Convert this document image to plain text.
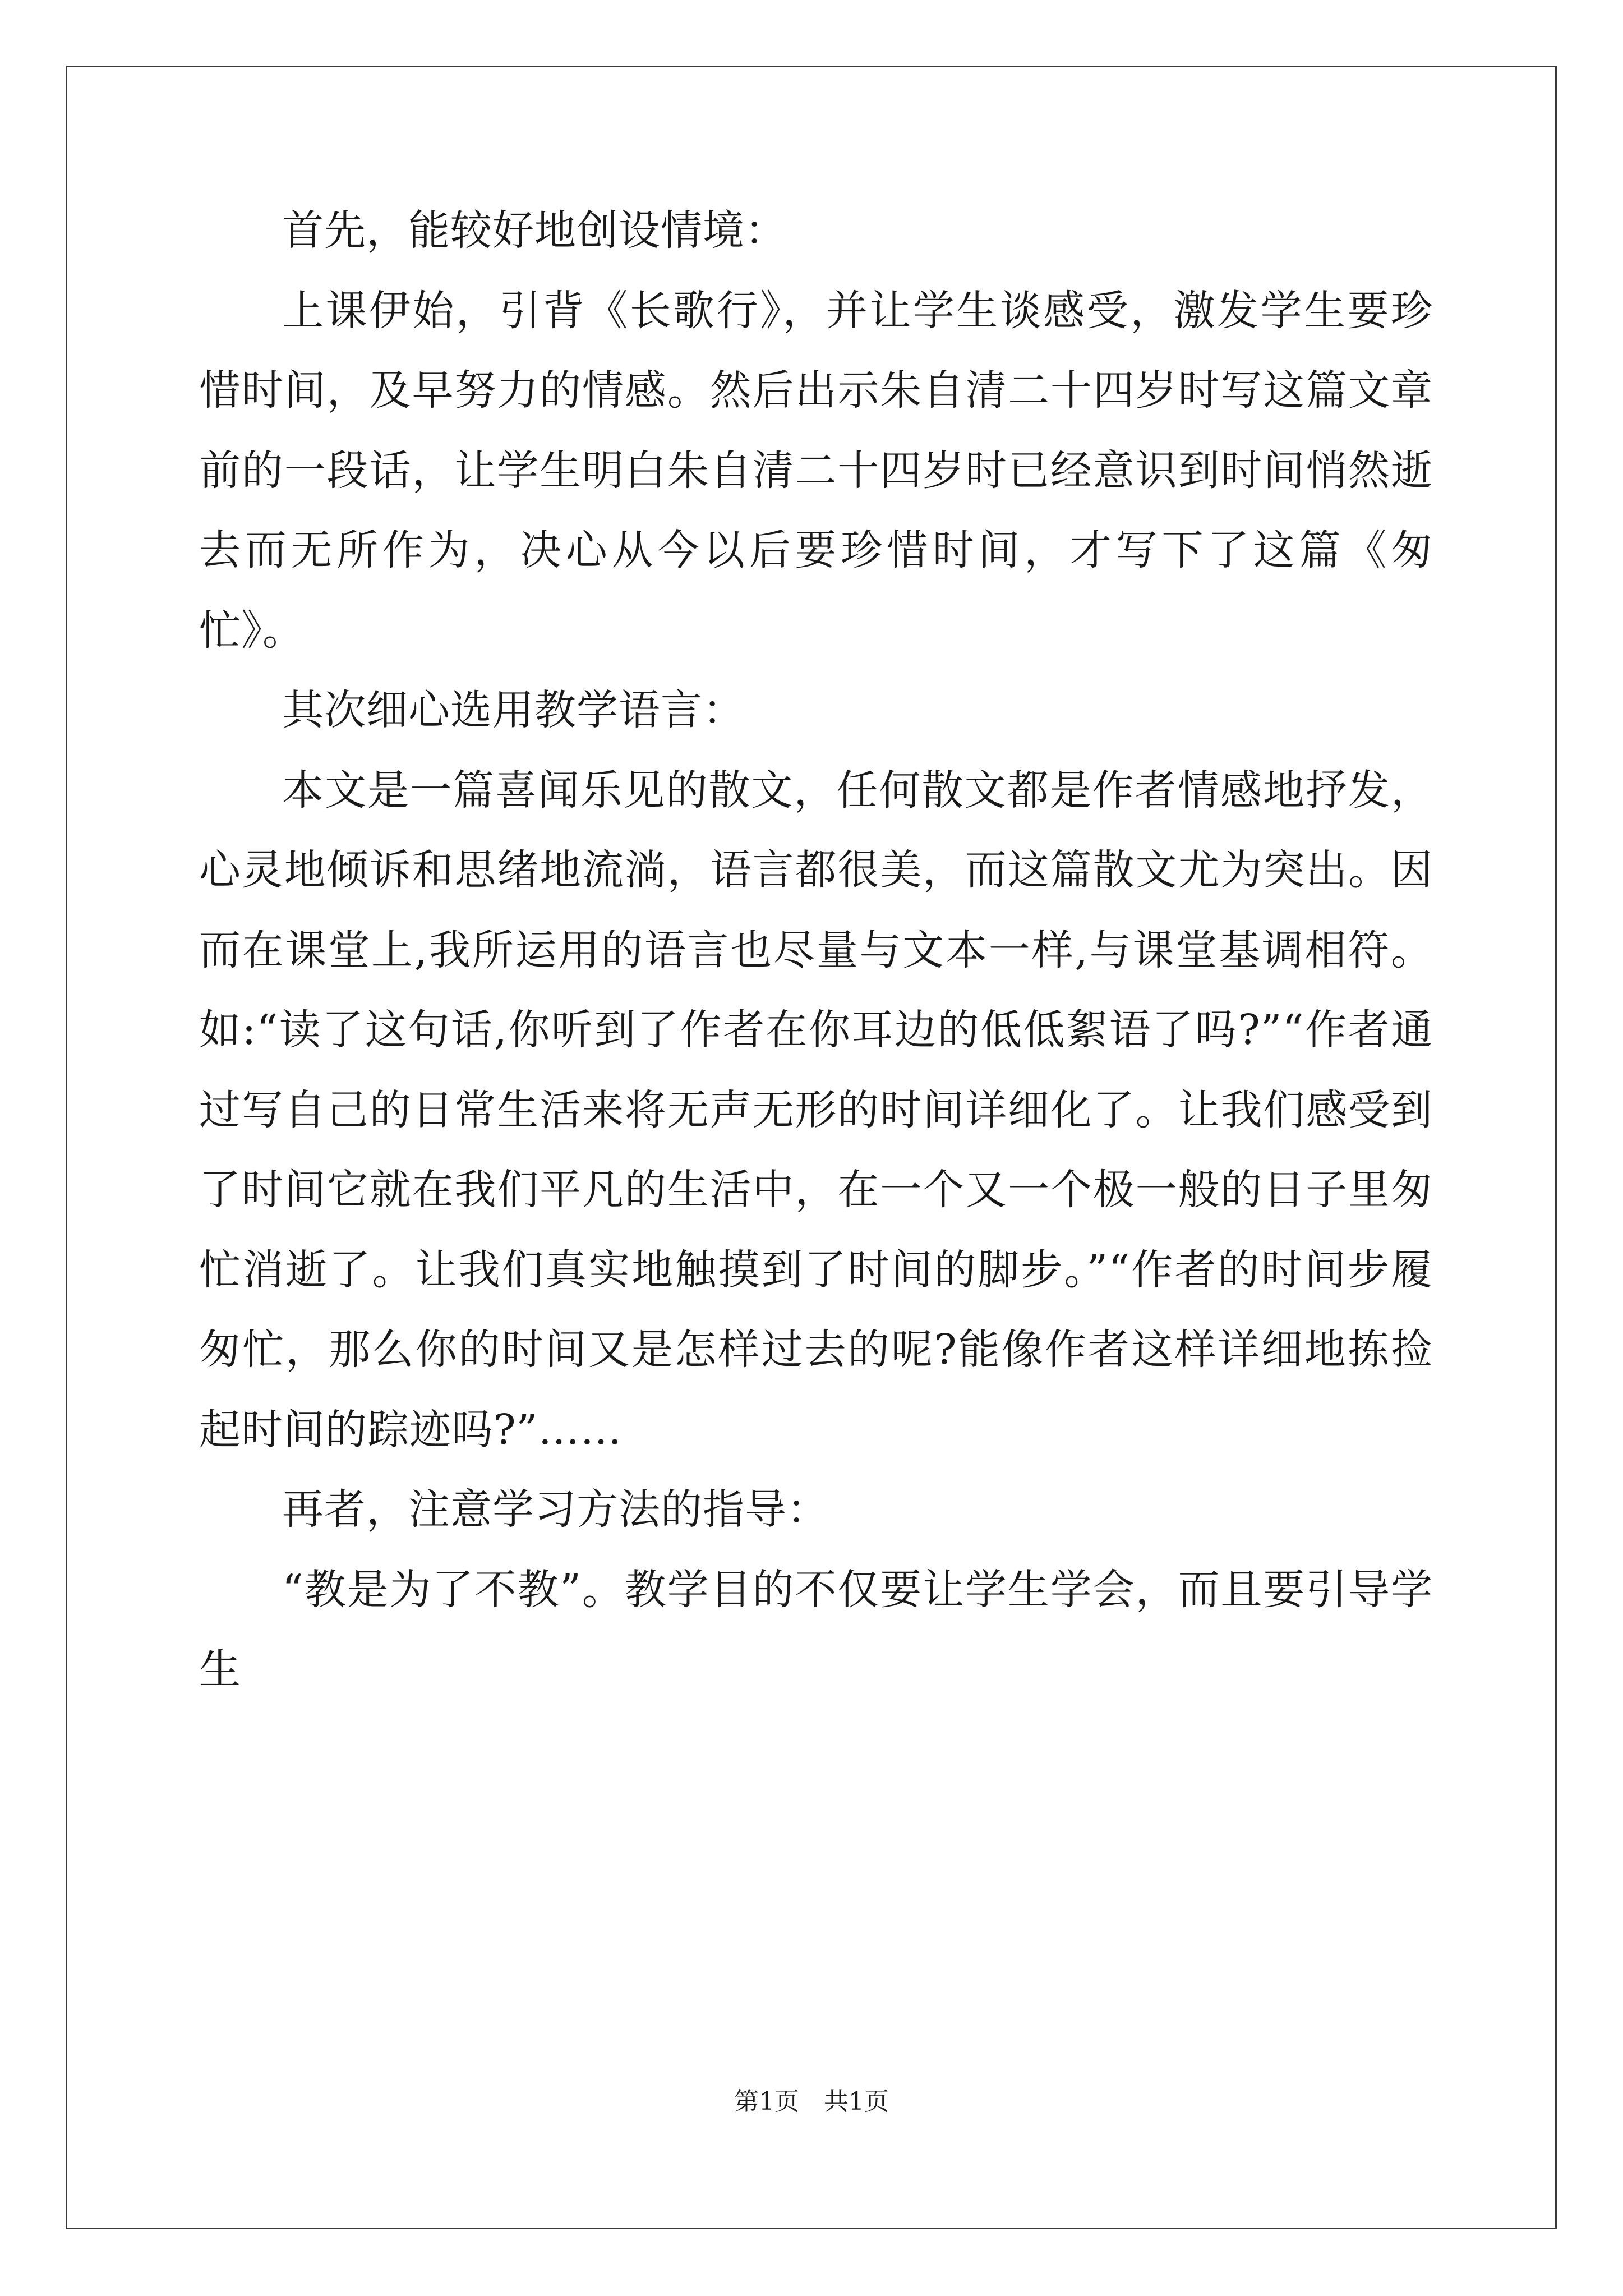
首先，能较好地创设情境：

上课伊始，引背《长歌行》，并让学生谈感受，激发学生要珍惜时间，及早努力的情感。然后出示朱自清二十四岁时写这篇文章前的一段话，让学生明白朱自清二十四岁时已经意识到时间悄然逝去而无所作为，决心从今以后要珍惜时间，才写下了这篇《匆忙》。

其次细心选用教学语言：

本文是一篇喜闻乐见的散文，任何散文都是作者情感地抒发，心灵地倾诉和思绪地流淌，语言都很美，而这篇散文尤为突出。因而在课堂上,我所运用的语言也尽量与文本一样,与课堂基调相符。如:“读了这句话,你听到了作者在你耳边的低低絮语了吗?”“作者通过写自己的日常生活来将无声无形的时间详细化了。让我们感受到了时间它就在我们平凡的生活中，在一个又一个极一般的日子里匆忙消逝了。让我们真实地触摸到了时间的脚步。”“作者的时间步履匆忙，那么你的时间又是怎样过去的呢?能像作者这样详细地拣捡起时间的踪迹吗?”……

再者，注意学习方法的指导：

“教是为了不教”。教学目的不仅要让学生学会，而且要引导学生

第1页　共1页
